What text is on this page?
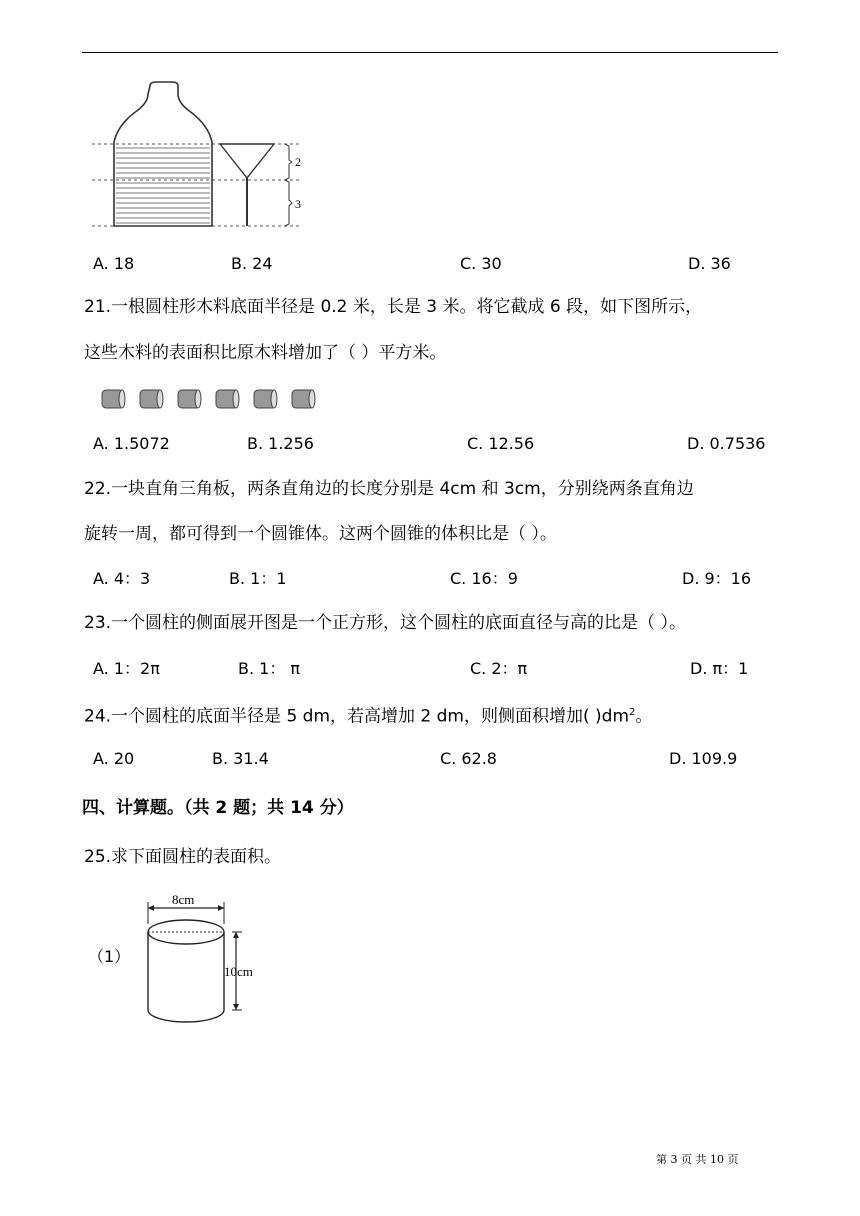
2
3
A. 18	B. 24	C. 30	D. 36
21.一根圆柱形木料底面半径是 0.2 米，长是 3 米。将它截成 6 段，如下图所示，
这些木料的表面积比原木料增加了（ ）平方米。
A. 1.5072	B. 1.256	C. 12.56	D. 0.7536
22.一块直角三角板，两条直角边的长度分别是 4cm 和 3cm，分别绕两条直角边
旋转一周，都可得到一个圆锥体。这两个圆锥的体积比是（ ）。
A. 4：3	B. 1：1	C. 16：9	D. 9：16
23.一个圆柱的侧面展开图是一个正方形，这个圆柱的底面直径与高的比是（ ）。
A. 1：2π	B. 1： π	C. 2：π	D. π：1
24.一个圆柱的底面半径是 5 dm，若高增加 2 dm，则侧面积增加( )$dm^2$。
A. 20	B. 31.4	C. 62.8	D. 109.9
四、计算题。（共 2 题；共 14 分）
25.求下面圆柱的表面积。
（1）
8cm
10cm
第 3 页 共 10 页
